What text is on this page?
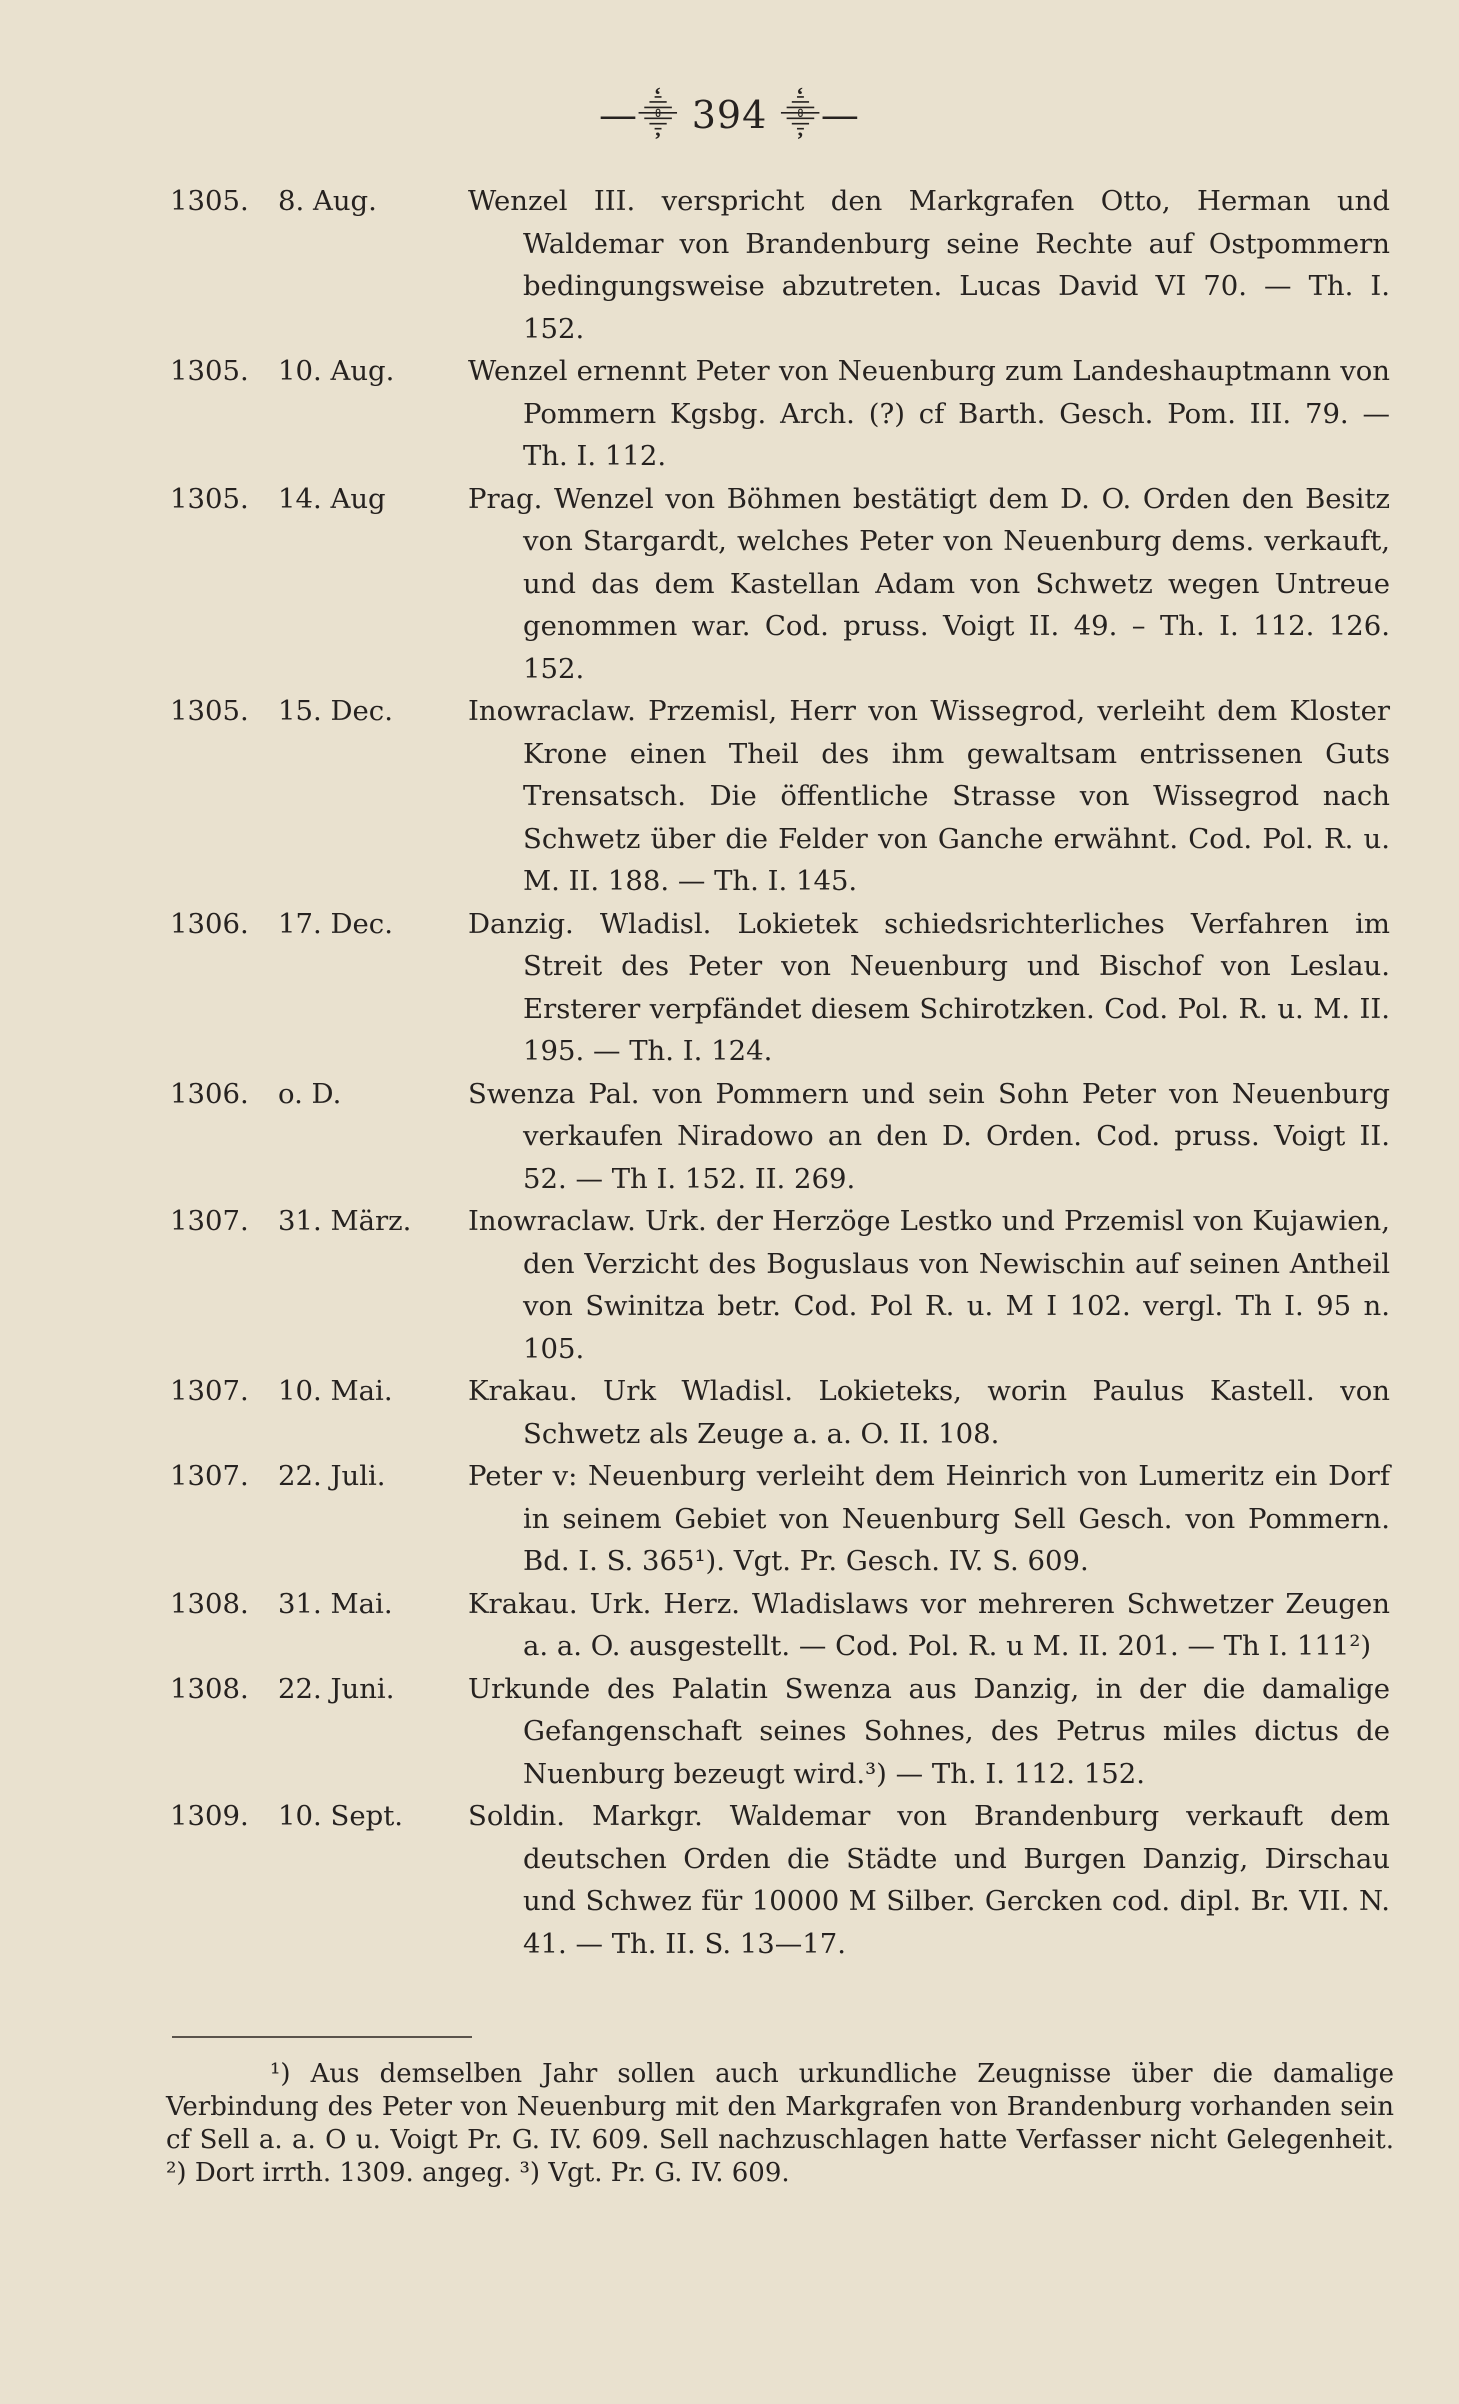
—⸎ 394 ⸎—
1305.	8. Aug.	Wenzel III. verspricht den Markgrafen Otto, Herman und Waldemar von Brandenburg seine Rechte auf Ostpommern bedingungsweise abzutreten. Lucas David VI 70. — Th. I. 152.
1305.	10. Aug.	Wenzel ernennt Peter von Neuenburg zum Landeshauptmann von Pommern Kgsbg. Arch. (?) cf Barth. Gesch. Pom. III. 79. — Th. I. 112.
1305.	14. Aug	Prag. Wenzel von Böhmen bestätigt dem D. O. Orden den Besitz von Stargardt, welches Peter von Neuenburg dems. verkauft, und das dem Kastellan Adam von Schwetz wegen Untreue genommen war. Cod. pruss. Voigt II. 49. – Th. I. 112. 126. 152.
1305.	15. Dec.	Inowraclaw. Przemisl, Herr von Wissegrod, verleiht dem Kloster Krone einen Theil des ihm gewaltsam entrissenen Guts Trensatsch. Die öffentliche Strasse von Wissegrod nach Schwetz über die Felder von Ganche erwähnt. Cod. Pol. R. u. M. II. 188. — Th. I. 145.
1306.	17. Dec.	Danzig. Wladisl. Lokietek schiedsrichterliches Verfahren im Streit des Peter von Neuenburg und Bischof von Leslau. Ersterer verpfändet diesem Schirotzken. Cod. Pol. R. u. M. II. 195. — Th. I. 124.
1306.	o. D.	Swenza Pal. von Pommern und sein Sohn Peter von Neuenburg verkaufen Niradowo an den D. Orden. Cod. pruss. Voigt II. 52. — Th I. 152. II. 269.
1307.	31. März.	Inowraclaw. Urk. der Herzöge Lestko und Przemisl von Kujawien, den Verzicht des Boguslaus von Newischin auf seinen Antheil von Swinitza betr. Cod. Pol R. u. M I 102. vergl. Th I. 95 n. 105.
1307.	10. Mai.	Krakau. Urk Wladisl. Lokieteks, worin Paulus Kastell. von Schwetz als Zeuge a. a. O. II. 108.
1307.	22. Juli.	Peter v: Neuenburg verleiht dem Heinrich von Lumeritz ein Dorf in seinem Gebiet von Neuenburg Sell Gesch. von Pommern. Bd. I. S. 365¹). Vgt. Pr. Gesch. IV. S. 609.
1308.	31. Mai.	Krakau. Urk. Herz. Wladislaws vor mehreren Schwetzer Zeugen a. a. O. ausgestellt. — Cod. Pol. R. u M. II. 201. — Th I. 111²)
1308.	22. Juni.	Urkunde des Palatin Swenza aus Danzig, in der die damalige Gefangenschaft seines Sohnes, des Petrus miles dictus de Nuenburg bezeugt wird.³) — Th. I. 112. 152.
1309.	10. Sept.	Soldin. Markgr. Waldemar von Brandenburg verkauft dem deutschen Orden die Städte und Burgen Danzig, Dirschau und Schwez für 10000 M Silber. Gercken cod. dipl. Br. VII. N. 41. — Th. II. S. 13—17.
¹) Aus demselben Jahr sollen auch urkundliche Zeugnisse über die damalige Verbindung des Peter von Neuenburg mit den Markgrafen von Brandenburg vorhanden sein cf Sell a. a. O u. Voigt Pr. G. IV. 609. Sell nachzuschlagen hatte Verfasser nicht Gelegenheit. ²) Dort irrth. 1309. angeg. ³) Vgt. Pr. G. IV. 609.
